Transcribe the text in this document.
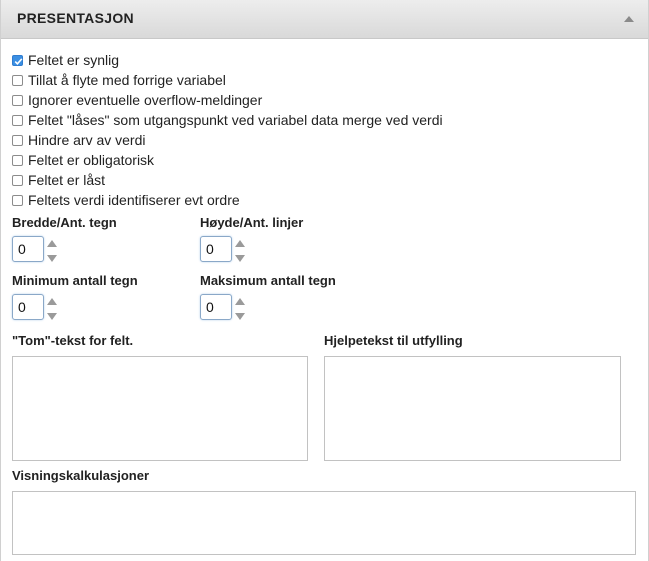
PRESENTASJON
Feltet er synlig
Tillat å flyte med forrige variabel
Ignorer eventuelle overflow-meldinger
Feltet "låses" som utgangspunkt ved variabel data merge ved verdi
Hindre arv av verdi
Feltet er obligatorisk
Feltet er låst
Feltets verdi identifiserer evt ordre
Bredde/Ant. tegn
0
Høyde/Ant. linjer
0
Minimum antall tegn
0
Maksimum antall tegn
0
"Tom"-tekst for felt.	Hjelpetekst til utfylling
Visningskalkulasjoner
